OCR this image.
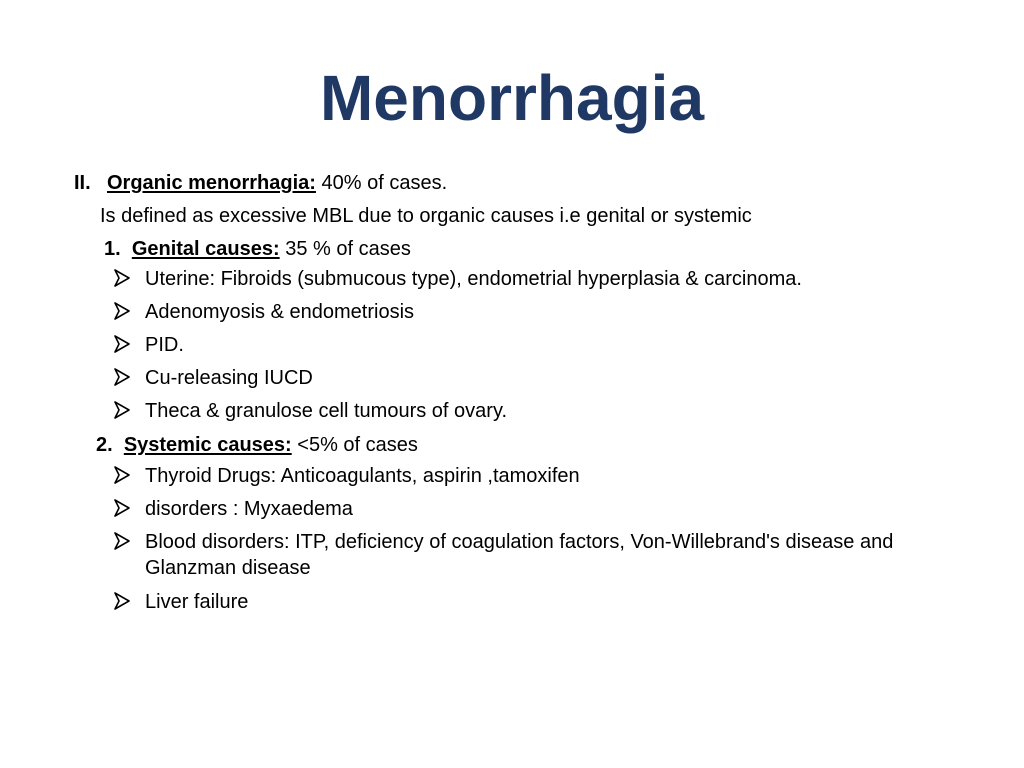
Menorrhagia
II. Organic menorrhagia: 40% of cases.
Is defined as excessive MBL due to organic causes i.e genital or systemic
1. Genital causes: 35 % of cases
Uterine: Fibroids (submucous type), endometrial hyperplasia & carcinoma.
Adenomyosis & endometriosis
PID.
Cu-releasing IUCD
Theca & granulose cell tumours of ovary.
2. Systemic causes: <5% of cases
Thyroid Drugs: Anticoagulants, aspirin ,tamoxifen
disorders : Myxaedema
Blood disorders: ITP, deficiency of coagulation factors, Von-Willebrand's disease and Glanzman disease
Liver failure
